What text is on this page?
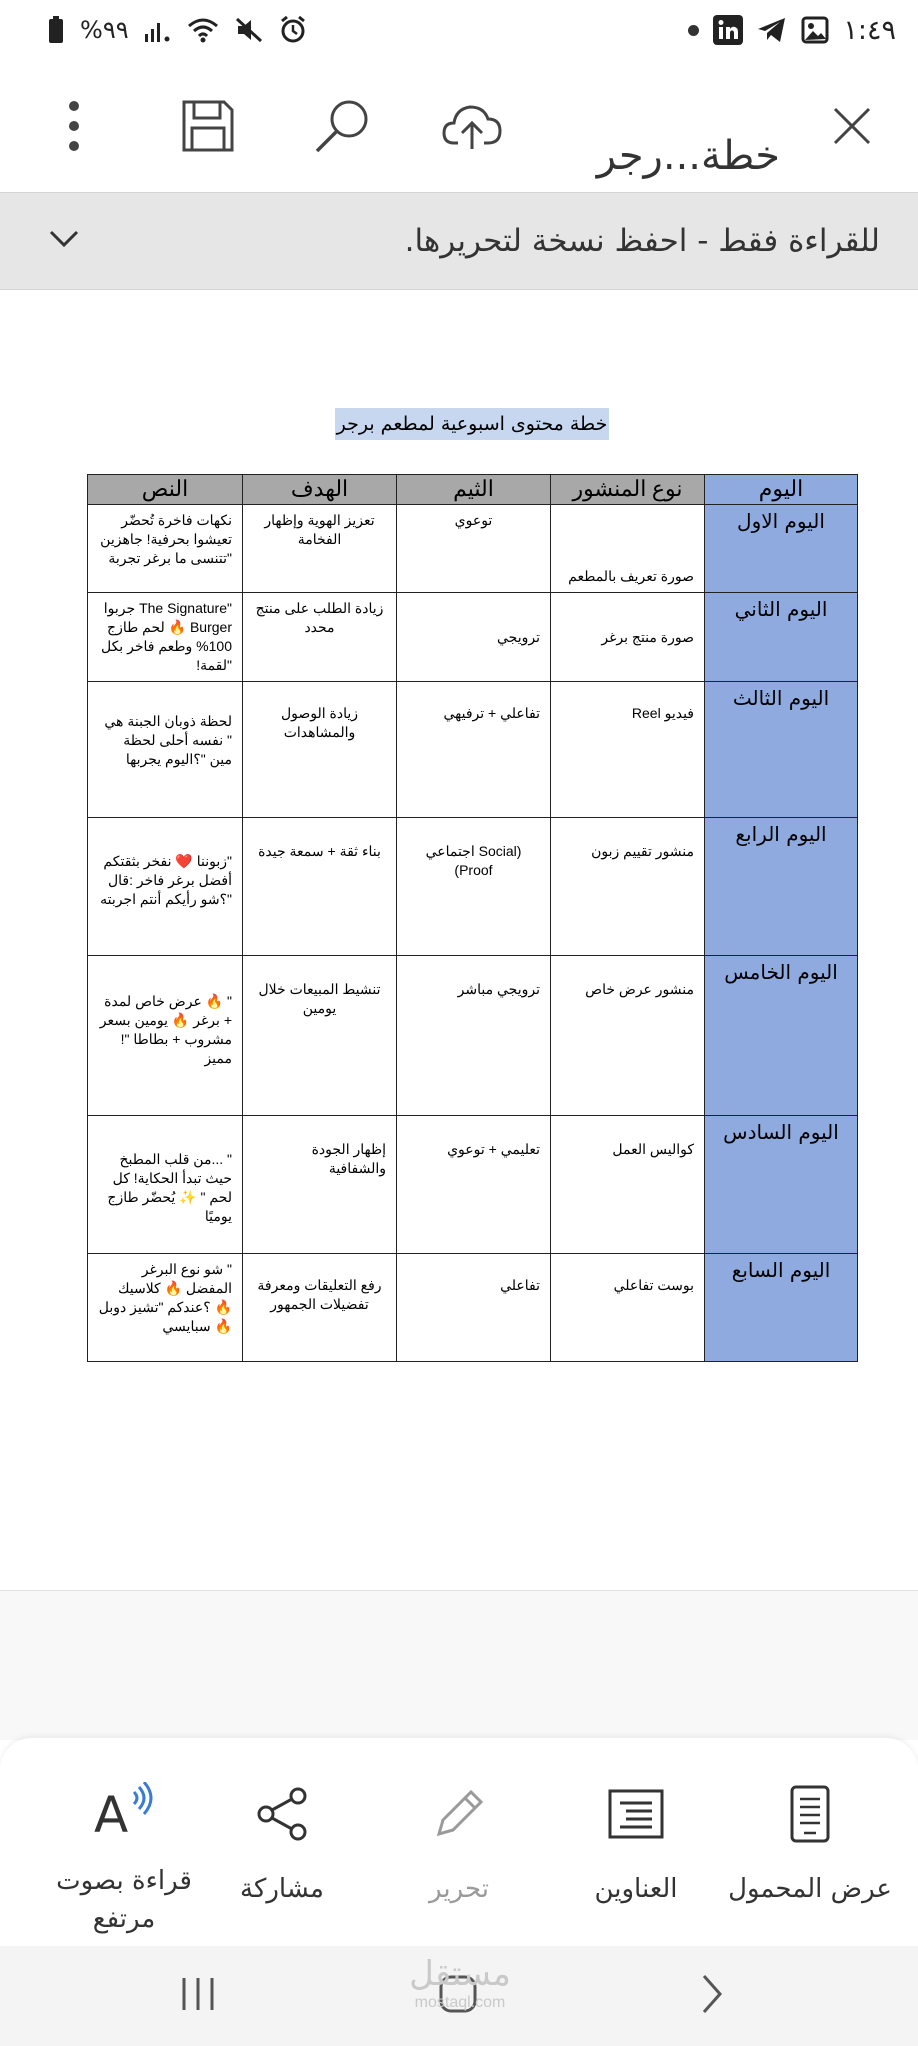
%٩٩	١:٤٩
خطة...رجر
للقراءة فقط - احفظ نسخة لتحريرها.
خطة محتوى اسبوعية لمطعم برجر
اليوم	نوع المنشور	الثيم	الهدف	النص
اليوم الاول	صورة تعريف بالمطعم	توعوي	تعزيز الهوية وإظهار الفخامة	نكهات فاخرة تُحضّر تعيشوا بحرفية! جاهزين "تتنسى ما برغر تجربة
اليوم الثاني	صورة منتج برغر	ترويجي	زيادة الطلب على منتج محدد	"The Signature جربوا Burger 🔥 لحم طازج 100% وطعم فاخر بكل "لقمة!
اليوم الثالث	فيديو Reel	تفاعلي + ترفيهي	زيادة الوصول والمشاهدات	لحظة ذوبان الجبنة هي " نفسه أحلى لحظة مين "؟اليوم يجربها
اليوم الرابع	منشور تقييم زبون	(Social اجتماعي Proof)	بناء ثقة + سمعة جيدة	"زبوننا ❤️ نفخر بثقتكم أفضل برغر فاخر :قال "؟شو رأيكم أنتم اجربته
اليوم الخامس	منشور عرض خاص	ترويجي مباشر	تنشيط المبيعات خلال يومين	" 🔥 عرض خاص لمدة + برغر 🔥 يومين بسعر مشروب + بطاطا "!مميز
اليوم السادس	كواليس العمل	تعليمي + توعوي	إظهار الجودة والشفافية	" ...من قلب المطبخ حيث تبدأ الحكاية! كل لحم " ✨ يُحضّر طازج يوميًا
اليوم السابع	بوست تفاعلي	تفاعلي	رفع التعليقات ومعرفة تفضيلات الجمهور	" شو نوع البرغر المفضل 🔥 كلاسيك 🔥 ؟عندكم "تشيز دوبل 🔥 سبايسي
A
قراءة بصوت مرتفع
مشاركة	تحرير	العناوين عرض المحمول
مستقل
mostaql.com
